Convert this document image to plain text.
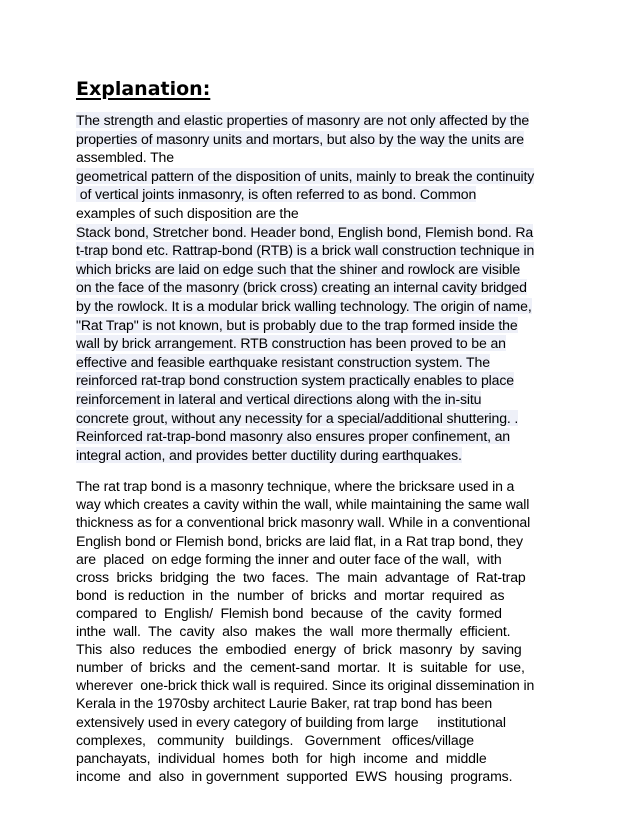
Explanation:
The strength and elastic properties of masonry are not only affected by the
properties of masonry units and mortars, but also by the way the units are
assembled. The
geometrical pattern of the disposition of units, mainly to break the continuity
of vertical joints inmasonry, is often referred to as bond. Common
examples of such disposition are the
Stack bond, Stretcher bond. Header bond, English bond, Flemish bond. Ra
t-trap bond etc. Rattrap-bond (RTB) is a brick wall construction technique in
which bricks are laid on edge such that the shiner and rowlock are visible
on the face of the masonry (brick cross) creating an internal cavity bridged
by the rowlock. It is a modular brick walling technology. The origin of name,
"Rat Trap" is not known, but is probably due to the trap formed inside the
wall by brick arrangement. RTB construction has been proved to be an
effective and feasible earthquake resistant construction system. The
reinforced rat-trap bond construction system practically enables to place
reinforcement in lateral and vertical directions along with the in-situ
concrete grout, without any necessity for a special/additional shuttering. .
Reinforced rat-trap-bond masonry also ensures proper confinement, an
integral action, and provides better ductility during earthquakes.
The rat trap bond is a masonry technique, where the bricksare used in a
way which creates a cavity within the wall, while maintaining the same wall
thickness as for a conventional brick masonry wall. While in a conventional
English bond or Flemish bond, bricks are laid flat, in a Rat trap bond, they
are  placed  on edge forming the inner and outer face of the wall,  with
cross  bricks  bridging  the  two  faces.  The  main  advantage  of  Rat-trap
bond  is reduction  in  the  number  of  bricks  and  mortar  required  as
compared  to  English/  Flemish bond  because  of  the  cavity  formed
inthe  wall.  The  cavity  also  makes  the  wall  more thermally  efficient.
This  also  reduces  the  embodied  energy  of  brick  masonry  by  saving
number  of  bricks  and  the  cement-sand  mortar.  It  is  suitable  for  use,
wherever  one-brick thick wall is required. Since its original dissemination in
Kerala in the 1970sby architect Laurie Baker, rat trap bond has been
extensively used in every category of building from large     institutional
complexes,   community   buildings.   Government   offices/village
panchayats,  individual  homes  both  for  high  income  and  middle
income  and  also  in government  supported  EWS  housing  programs.
